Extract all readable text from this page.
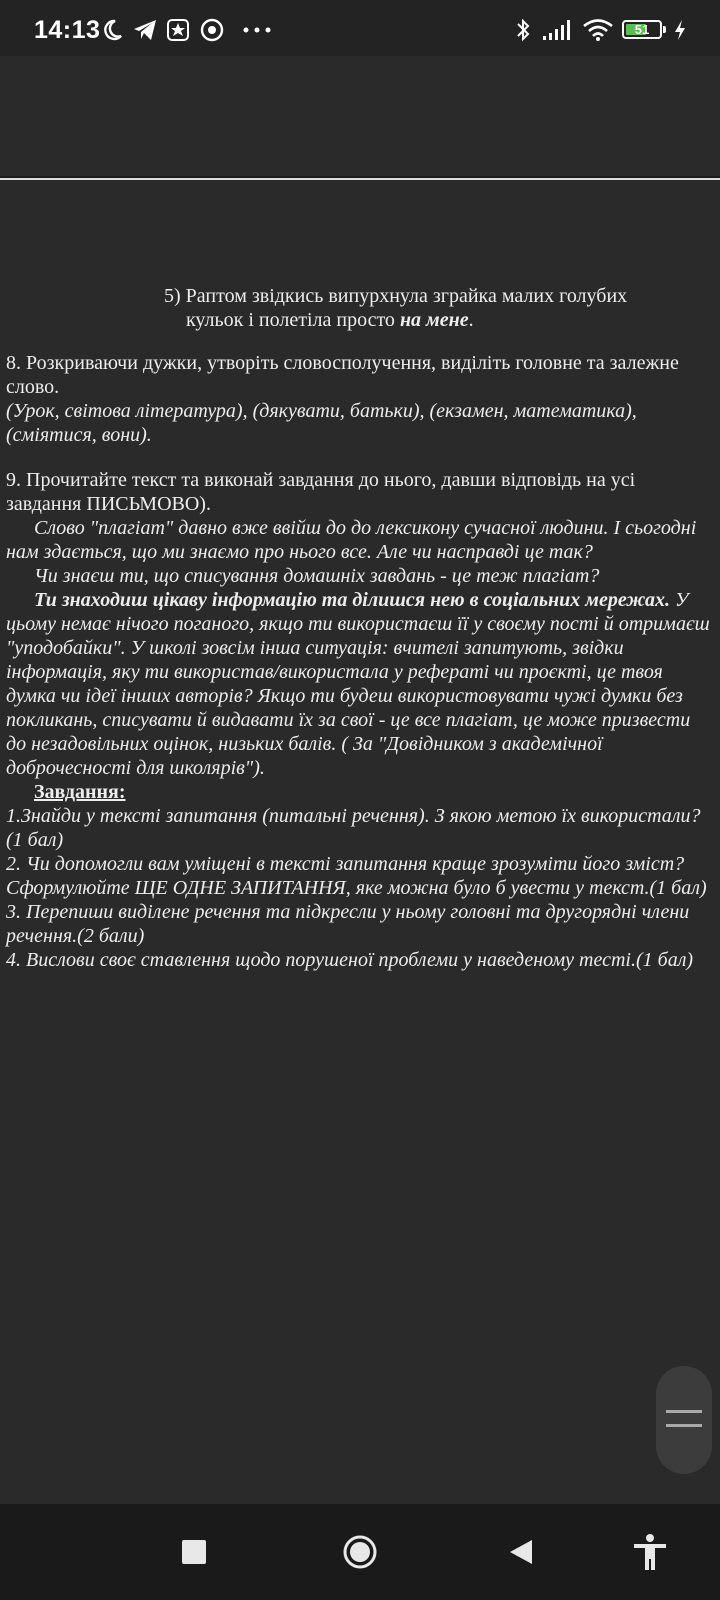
14:13	51
5) Раптом звідкись випурхнула зграйка малих голубих
кульок і полетіла просто на мене.

8. Розкриваючи дужки, утворіть словосполучення, виділіть головне та залежне слово.

(Урок, світова література), (дякувати, батьки), (екзамен, математика), (сміятися, вони).

9. Прочитайте текст та виконай завдання до нього, давши відповідь на усі завдання ПИСЬМОВО).

Слово "плагіат" давно вже ввійш до до лексикону сучасної людини. І сьогодні нам здається, що ми знаємо про нього все. Але чи насправді це так?

Чи знаєш ти, що списування домашніх завдань - це теж плагіат?

Ти знаходиш цікаву інформацію та ділишся нею в соціальних мережах. У цьому немає нічого поганого, якщо ти використаєш її у своєму пості й отримаєш "уподобайки". У школі зовсім інша ситуація: вчителі запитують, звідки інформація, яку ти використав/використала у рефераті чи проєкті, це твоя думка чи ідеї інших авторів? Якщо ти будеш використовувати чужі думки без покликань, списувати й видавати їх за свої - це все плагіат, це може призвести до незадовільних оцінок, низьких балів. ( За "Довідником з академічної доброчесності для школярів").

Завдання:

1.Знайди у тексті запитання (питальні речення). З якою метою їх використали?(1 бал)

2. Чи допомогли вам уміщені в тексті запитання краще зрозуміти його зміст? Сформулюйте ЩЕ ОДНЕ ЗАПИТАННЯ, яке можна було б увести у текст.(1 бал)

3. Перепиши виділене речення та підкресли у ньому головні та другорядні члени речення.(2 бали)

4. Вислови своє ставлення щодо порушеної проблеми у наведеному тесті.(1 бал)
